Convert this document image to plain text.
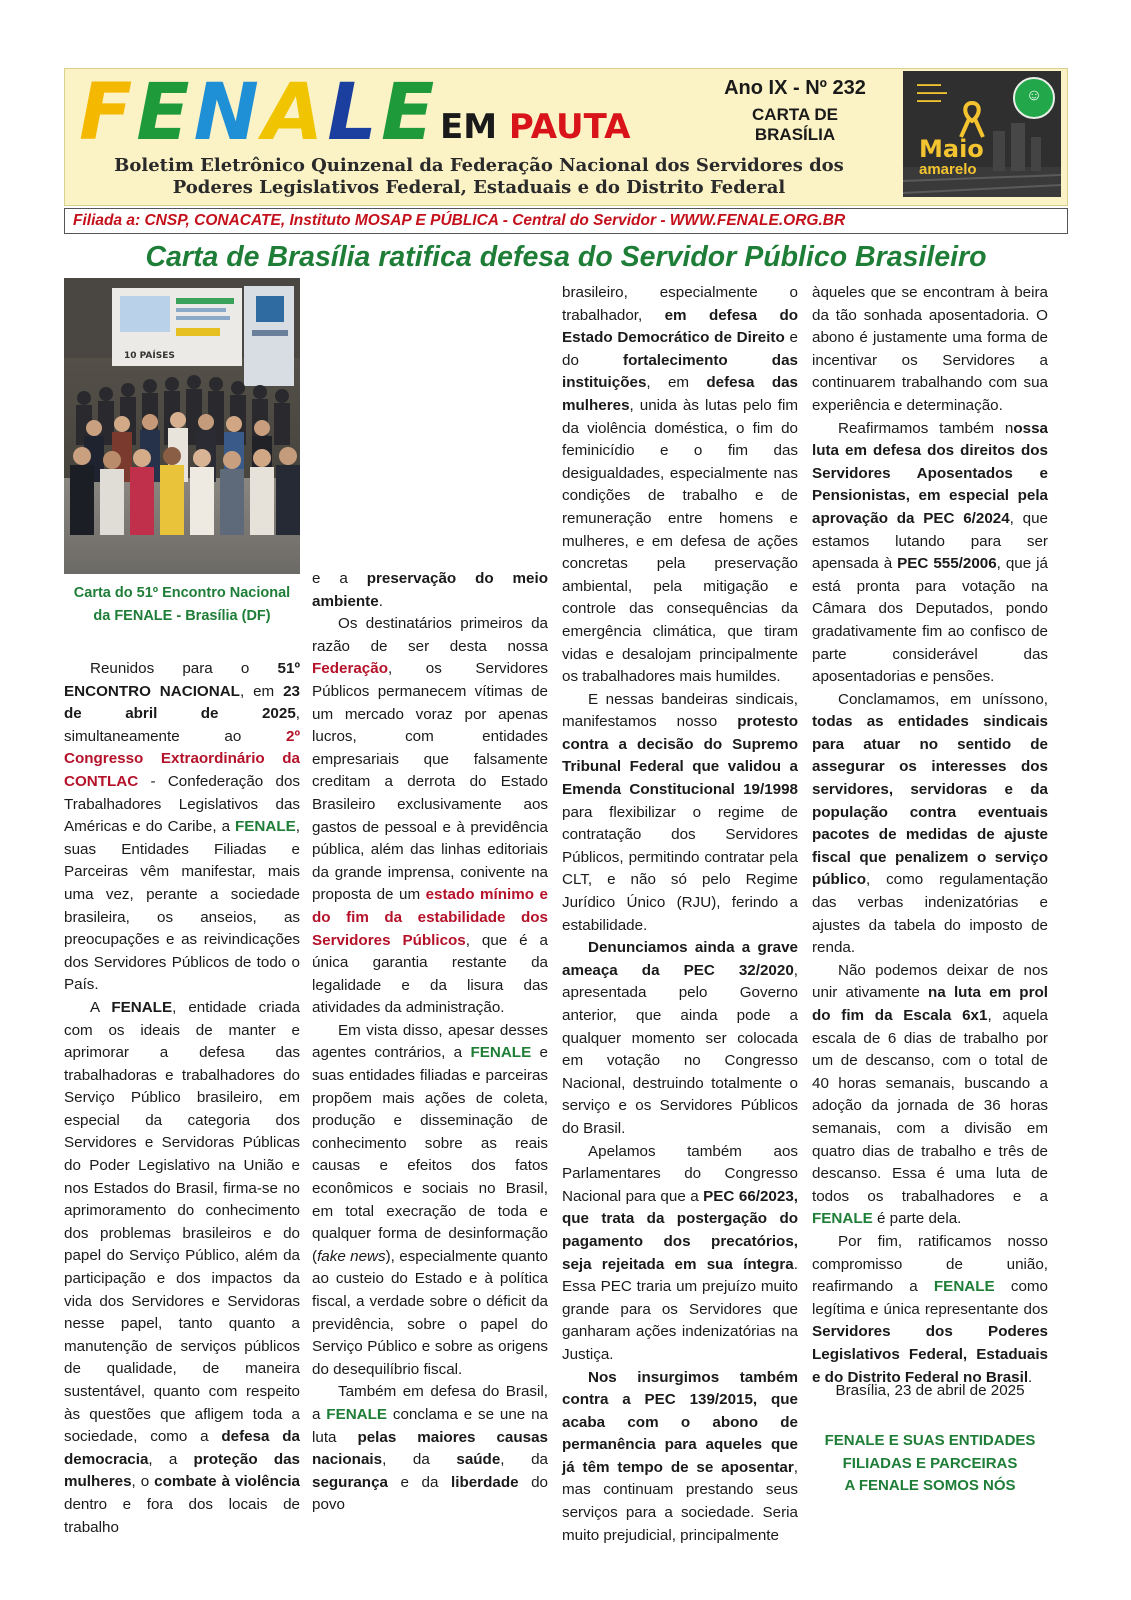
FENALE EM PAUTA
Ano IX - Nº 232
CARTA DE
BRASÍLIA
Boletim Eletrônico Quinzenal da Federação Nacional dos Servidores dos
Poderes Legislativos Federal, Estaduais e do Distrito Federal
▬▬▬▬
▬▬▬▬▬
▬▬▬▬
Maio
amarelo
☺
Filiada a: CNSP, CONACATE, Instituto MOSAP E PÚBLICA - Central do Servidor - WWW.FENALE.ORG.BR
Carta de Brasília ratifica defesa do Servidor Público Brasileiro
10 PAÍSES
Carta do 51º Encontro Nacional da FENALE - Brasília (DF)

Reunidos para o 51º ENCONTRO NACIONAL, em 23 de abril de 2025, simultaneamente ao 2º Congresso Extraordinário da CONTLAC - Confederação dos Trabalhadores Legislativos das Américas e do Caribe, a FENALE, suas Entidades Filiadas e Parceiras vêm manifestar, mais uma vez, perante a sociedade brasileira, os anseios, as preocupações e as reivindicações dos Servidores Públicos de todo o País.

A FENALE, entidade criada com os ideais de manter e aprimorar a defesa das trabalhadoras e trabalhadores do Serviço Público brasileiro, em especial da categoria dos Servidores e Servidoras Públicas do Poder Legislativo na União e nos Estados do Brasil, firma-se no aprimoramento do conhecimento dos problemas brasileiros e do papel do Serviço Público, além da participação e dos impactos da vida dos Servidores e Servidoras nesse papel, tanto quanto a manutenção de serviços públicos de qualidade, de maneira sustentável, quanto com respeito às questões que afligem toda a sociedade, como a defesa da democracia, a proteção das mulheres, o combate à violência dentro e fora dos locais de trabalho

e a preservação do meio ambiente.

Os destinatários primeiros da razão de ser desta nossa Federação, os Servidores Públicos permanecem vítimas de um mercado voraz por apenas lucros, com entidades empresariais que falsamente creditam a derrota do Estado Brasileiro exclusivamente aos gastos de pessoal e à previdência pública, além das linhas editoriais da grande imprensa, conivente na proposta de um estado mínimo e do fim da estabilidade dos Servidores Públicos, que é a única garantia restante da legalidade e da lisura das atividades da administração.

Em vista disso, apesar desses agentes contrários, a FENALE e suas entidades filiadas e parceiras propõem mais ações de coleta, produção e disseminação de conhecimento sobre as reais causas e efeitos dos fatos econômicos e sociais no Brasil, em total execração de toda e qualquer forma de desinformação (fake news), especialmente quanto ao custeio do Estado e à política fiscal, a verdade sobre o déficit da previdência, sobre o papel do Serviço Público e sobre as origens do desequilíbrio fiscal.

Também em defesa do Brasil, a FENALE conclama e se une na luta pelas maiores causas nacionais, da saúde, da segurança e da liberdade do povo

brasileiro, especialmente o trabalhador, em defesa do Estado Democrático de Direito e do fortalecimento das instituições, em defesa das mulheres, unida às lutas pelo fim da violência doméstica, o fim do feminicídio e o fim das desigualdades, especialmente nas condições de trabalho e de remuneração entre homens e mulheres, e em defesa de ações concretas pela preservação ambiental, pela mitigação e controle das consequências da emergência climática, que tiram vidas e desalojam principalmente os trabalhadores mais humildes.

E nessas bandeiras sindicais, manifestamos nosso protesto contra a decisão do Supremo Tribunal Federal que validou a Emenda Constitucional 19/1998 para flexibilizar o regime de contratação dos Servidores Públicos, permitindo contratar pela CLT, e não só pelo Regime Jurídico Único (RJU), ferindo a estabilidade.

Denunciamos ainda a grave ameaça da PEC 32/2020, apresentada pelo Governo anterior, que ainda pode a qualquer momento ser colocada em votação no Congresso Nacional, destruindo totalmente o serviço e os Servidores Públicos do Brasil.

Apelamos também aos Parlamentares do Congresso Nacional para que a PEC 66/2023, que trata da postergação do pagamento dos precatórios, seja rejeitada em sua íntegra. Essa PEC traria um prejuízo muito grande para os Servidores que ganharam ações indenizatórias na Justiça.

Nos insurgimos também contra a PEC 139/2015, que acaba com o abono de permanência para aqueles que já têm tempo de se aposentar, mas continuam prestando seus serviços para a sociedade. Seria muito prejudicial, principalmente

àqueles que se encontram à beira da tão sonhada aposentadoria. O abono é justamente uma forma de incentivar os Servidores a continuarem trabalhando com sua experiência e determinação.

Reafirmamos também nossa luta em defesa dos direitos dos Servidores Aposentados e Pensionistas, em especial pela aprovação da PEC 6/2024, que estamos lutando para ser apensada à PEC 555/2006, que já está pronta para votação na Câmara dos Deputados, pondo gradativamente fim ao confisco de parte considerável das aposentadorias e pensões.

Conclamamos, em uníssono, todas as entidades sindicais para atuar no sentido de assegurar os interesses dos servidores, servidoras e da população contra eventuais pacotes de medidas de ajuste fiscal que penalizem o serviço público, como regulamentação das verbas indenizatórias e ajustes da tabela do imposto de renda.

Não podemos deixar de nos unir ativamente na luta em prol do fim da Escala 6x1, aquela escala de 6 dias de trabalho por um de descanso, com o total de 40 horas semanais, buscando a adoção da jornada de 36 horas semanais, com a divisão em quatro dias de trabalho e três de descanso. Essa é uma luta de todos os trabalhadores e a FENALE é parte dela.

Por fim, ratificamos nosso compromisso de união, reafirmando a FENALE como legítima e única representante dos Servidores dos Poderes Legislativos Federal, Estaduais e do Distrito Federal no Brasil.

Brasília, 23 de abril de 2025
FENALE E SUAS ENTIDADES
FILIADAS E PARCEIRAS
A FENALE SOMOS NÓS
